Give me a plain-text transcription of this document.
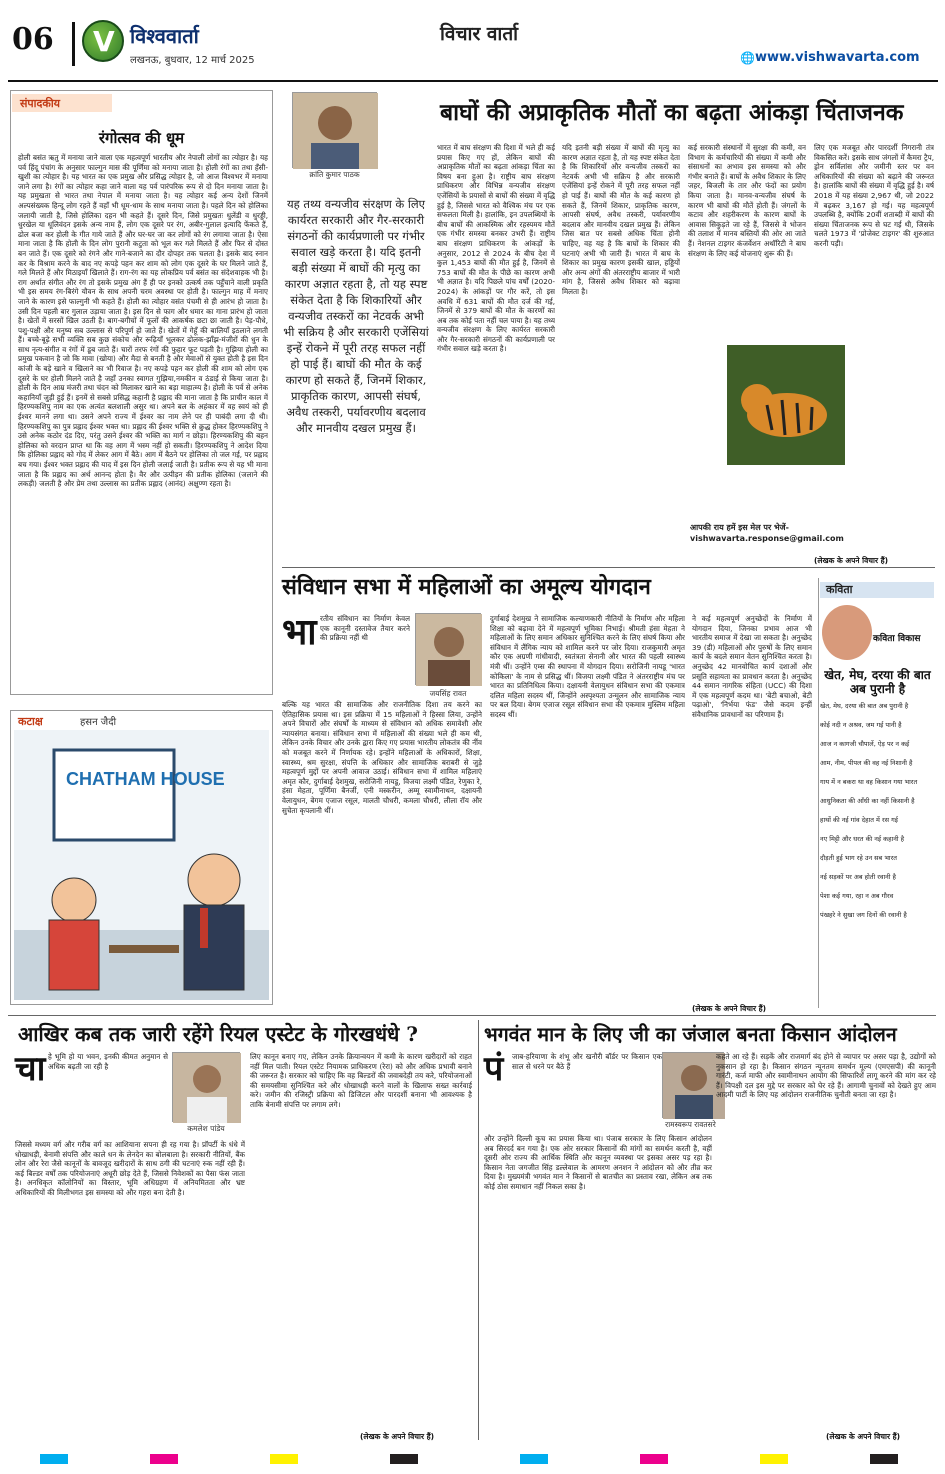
06 V विश्ववार्ता
लखनऊ, बुधवार, 12 मार्च 2025
विचार वार्ता
🌐 www.vishwavarta.com
संपादकीय
रंगोत्सव की धूम
होली बसंत ऋतु में मनाया जाने वाला एक महत्वपूर्ण भारतीय और नेपाली लोगों का त्योहार है। यह पर्व हिंदू पंचांग के अनुसार फाल्गुन मास की पूर्णिमा को मनाया जाता है। होली रंगों का तथा हँसी-खुशी का त्योहार है। यह भारत का एक प्रमुख और प्रसिद्ध त्योहार है, जो आज विश्वभर में मनाया जाने लगा है। रंगों का त्योहार कहा जाने वाला यह पर्व पारंपरिक रूप से दो दिन मनाया जाता है। यह प्रमुखता से भारत तथा नेपाल में मनाया जाता है। यह त्योहार कई अन्य देशों जिनमें अल्पसंख्यक हिन्दू लोग रहते हैं वहाँ भी धूम-धाम के साथ मनाया जाता है। पहले दिन को होलिका जलायी जाती है, जिसे होलिका दहन भी कहते हैं। दूसरे दिन, जिसे प्रमुखतः धुलेंडी व धुरड्डी, धुरखेल या धूलिवंदन इसके अन्य नाम हैं, लोग एक दूसरे पर रंग, अबीर-गुलाल इत्यादि फेंकते हैं, ढोल बजा कर होली के गीत गाये जाते हैं और घर-घर जा कर लोगों को रंग लगाया जाता है। ऐसा माना जाता है कि होली के दिन लोग पुरानी कटुता को भूल कर गले मिलते हैं और फिर से दोस्त बन जाते हैं। एक दूसरे को रंगने और गाने-बजाने का दौर दोपहर तक चलता है। इसके बाद स्नान कर के विश्राम करने के बाद नए कपड़े पहन कर शाम को लोग एक दूसरे के घर मिलने जाते हैं, गले मिलते हैं और मिठाइयाँ खिलाते हैं। राग-रंग का यह लोकप्रिय पर्व बसंत का संदेशवाहक भी है। राग अर्थात संगीत और रंग तो इसके प्रमुख अंग हैं ही पर इनको उत्कर्ष तक पहुँचाने वाली प्रकृति भी इस समय रंग-बिरंगे यौवन के साथ अपनी चरम अवस्था पर होती है। फाल्गुन माह में मनाए जाने के कारण इसे फाल्गुनी भी कहते हैं। होली का त्योहार वसंत पंचमी से ही आरंभ हो जाता है। उसी दिन पहली बार गुलाल उड़ाया जाता है। इस दिन से फाग और धमार का गाना प्रारंभ हो जाता है। खेतों में सरसों खिल उठती है। बाग-बगीचों में फूलों की आकर्षक छटा छा जाती है। पेड़-पौधे, पशु-पक्षी और मनुष्य सब उल्लास से परिपूर्ण हो जाते हैं। खेतों में गेहूँ की बालियाँ इठलाने लगती हैं। बच्चे-बूढ़े सभी व्यक्ति सब कुछ संकोच और रूढ़ियाँ भूलकर ढोलक-झाँझ-मंजीरों की धुन के साथ नृत्य-संगीत व रंगों में डूब जाते हैं। चारों तरफ रंगों की फुहार फूट पड़ती है। गुझिया होली का प्रमुख पकवान है जो कि मावा (खोया) और मैदा से बनती है और मेवाओं से युक्त होती है इस दिन कांजी के बड़े खाने व खिलाने का भी रिवाज है। नए कपड़े पहन कर होली की शाम को लोग एक दूसरे के घर होली मिलने जाते है जहाँ उनका स्वागत गुझिया,नमकीन व ठंडाई से किया जाता है। होली के दिन आम्र मंजरी तथा चंदन को मिलाकर खाने का बड़ा माहात्म्य है। होली के पर्व से अनेक कहानियाँ जुड़ी हुई हैं। इनमें से सबसे प्रसिद्ध कहानी है प्रह्लाद की माना जाता है कि प्राचीन काल में हिरण्यकशिपु नाम का एक अत्यंत बलशाली असुर था। अपने बल के अहंकार में वह स्वयं को ही ईश्वर मानने लगा था। उसने अपने राज्य में ईश्वर का नाम लेने पर ही पाबंदी लगा दी थी। हिरण्यकशिपु का पुत्र प्रह्लाद ईश्वर भक्त था। प्रह्लाद की ईश्वर भक्ति से क्रुद्ध होकर हिरण्यकशिपु ने उसे अनेक कठोर दंड दिए, परंतु उसने ईश्वर की भक्ति का मार्ग न छोड़ा। हिरण्यकशिपु की बहन होलिका को वरदान प्राप्त था कि वह आग में भस्म नहीं हो सकती। हिरण्यकशिपु ने आदेश दिया कि होलिका प्रह्लाद को गोद में लेकर आग में बैठे। आग में बैठने पर होलिका तो जल गई, पर प्रह्लाद बच गया। ईश्वर भक्त प्रह्लाद की याद में इस दिन होली जलाई जाती है। प्रतीक रूप से यह भी माना जाता है कि प्रह्लाद का अर्थ आनन्द होता है। वैर और उत्पीड़न की प्रतीक होलिका (जलाने की लकड़ी) जलती है और प्रेम तथा उल्लास का प्रतीक प्रह्लाद (आनंद) अक्षुण्ण रहता है।
कटाक्ष	हसन जैदी
CHATHAM HOUSE
बाघों की अप्राकृतिक मौतों का बढ़ता आंकड़ा चिंताजनक
क्रांति कुमार पाठक
यह तथ्य वन्यजीव संरक्षण के लिए कार्यरत सरकारी और गैर-सरकारी संगठनों की कार्यप्रणाली पर गंभीर सवाल खड़े करता है। यदि इतनी बड़ी संख्या में बाघों की मृत्यु का कारण अज्ञात रहता है, तो यह स्पष्ट संकेत देता है कि शिकारियों और वन्यजीव तस्करों का नेटवर्क अभी भी सक्रिय है और सरकारी एजेंसियां इन्हें रोकने में पूरी तरह सफल नहीं हो पाई हैं। बाघों की मौत के कई कारण हो सकते हैं, जिनमें शिकार, प्राकृतिक कारण, आपसी संघर्ष, अवैध तस्करी, पर्यावरणीय बदलाव और मानवीय दखल प्रमुख हैं।
भारत में बाघ संरक्षण की दिशा में भले ही कई प्रयास किए गए हों, लेकिन बाघों की अप्राकृतिक मौतों का बढ़ता आंकड़ा चिंता का विषय बना हुआ है। राष्ट्रीय बाघ संरक्षण प्राधिकरण और विभिन्न वन्यजीव संरक्षण एजेंसियों के प्रयासों से बाघों की संख्या में वृद्धि हुई है, जिससे भारत को वैश्विक मंच पर एक सफलता मिली है। हालांकि, इन उपलब्धियों के बीच बाघों की आकस्मिक और रहस्यमय मौतें एक गंभीर समस्या बनकर उभरी हैं। राष्ट्रीय बाघ संरक्षण प्राधिकरण के आंकड़ों के अनुसार, 2012 से 2024 के बीच देश में कुल 1,453 बाघों की मौत हुई है, जिनमें से 753 बाघों की मौत के पीछे का कारण अभी भी अज्ञात है। यदि पिछले पांच वर्षों (2020-2024) के आंकड़ों पर गौर करें, तो इस अवधि में 631 बाघों की मौत दर्ज की गई, जिनमें से 379 बाघों की मौत के कारणों का अब तक कोई पता नहीं चल पाया है। यह तथ्य वन्यजीव संरक्षण के लिए कार्यरत सरकारी और गैर-सरकारी संगठनों की कार्यप्रणाली पर गंभीर सवाल खड़े करता है।
यदि इतनी बड़ी संख्या में बाघों की मृत्यु का कारण अज्ञात रहता है, तो यह स्पष्ट संकेत देता है कि शिकारियों और वन्यजीव तस्करों का नेटवर्क अभी भी सक्रिय है और सरकारी एजेंसियां इन्हें रोकने में पूरी तरह सफल नहीं हो पाई हैं। बाघों की मौत के कई कारण हो सकते हैं, जिनमें शिकार, प्राकृतिक कारण, आपसी संघर्ष, अवैध तस्करी, पर्यावरणीय बदलाव और मानवीय दखल प्रमुख हैं। लेकिन जिस बात पर सबसे अधिक चिंता होनी चाहिए, वह यह है कि बाघों के शिकार की घटनाएं अभी भी जारी हैं। भारत में बाघ के शिकार का प्रमुख कारण इसकी खाल, हड्डियों और अन्य अंगों की अंतरराष्ट्रीय बाजार में भारी मांग है, जिससे अवैध शिकार को बढ़ावा मिलता है।
कई सरकारी संस्थानों में सुरक्षा की कमी, वन विभाग के कर्मचारियों की संख्या में कमी और संसाधनों का अभाव इस समस्या को और गंभीर बनाते हैं। बाघों के अवैध शिकार के लिए जहर, बिजली के तार और फंदों का प्रयोग किया जाता है। मानव-वन्यजीव संघर्ष के कारण भी बाघों की मौतें होती हैं। जंगलों के कटाव और शहरीकरण के कारण बाघों के आवास सिकुड़ते जा रहे हैं, जिससे वे भोजन की तलाश में मानव बस्तियों की ओर आ जाते हैं। नेशनल टाइगर कंजर्वेशन अथॉरिटी ने बाघ संरक्षण के लिए कई योजनाएं शुरू की हैं।
लिए एक मजबूत और पारदर्शी निगरानी तंत्र विकसित करें। इसके साथ जंगलों में कैमरा ट्रैप, ड्रोन सर्विलांस और जमीनी स्तर पर वन अधिकारियों की संख्या को बढ़ाने की जरूरत है। हालांकि बाघों की संख्या में वृद्धि हुई है। वर्ष 2018 में यह संख्या 2,967 थी, जो 2022 में बढ़कर 3,167 हो गई। यह महत्वपूर्ण उपलब्धि है, क्योंकि 20वीं शताब्दी में बाघों की संख्या चिंताजनक रूप से घट गई थी, जिसके चलते 1973 में 'प्रोजेक्ट टाइगर' की शुरुआत करनी पड़ी।
आपकी राय हमें इस मेल पर भेजें- vishwavarta.response@gmail.com
(लेखक के अपने विचार हैं)
संविधान सभा में महिलाओं का अमूल्य योगदान
भा रतीय संविधान का निर्माण केवल एक कानूनी दस्तावेज तैयार करने की प्रक्रिया नहीं थी
जयसिंह रावत
बल्कि यह भारत की सामाजिक और राजनीतिक दिशा तय करने का ऐतिहासिक प्रयास था। इस प्रक्रिया में 15 महिलाओं ने हिस्सा लिया, उन्होंने अपने विचारों और संघर्षों के माध्यम से संविधान को अधिक समावेशी और न्यायसंगत बनाया। संविधान सभा में महिलाओं की संख्या भले ही कम थी, लेकिन उनके विचार और उनके द्वारा किए गए प्रयास भारतीय लोकतंत्र की नींव को मजबूत करने में निर्णायक रहे। इन्होंने महिलाओं के अधिकारों, शिक्षा, स्वास्थ्य, श्रम सुरक्षा, संपत्ति के अधिकार और सामाजिक बराबरी से जुड़े महत्वपूर्ण मुद्दों पर अपनी आवाज उठाई। संविधान सभा में शामिल महिलाएं अमृत कौर, दुर्गाबाई देशमुख, सरोजिनी नायडू, विजया लक्ष्मी पंडित, रेणुका रे, हंसा मेहता, पूर्णिमा बैनर्जी, एनी मस्करीन, अम्मू स्वामीनाथन, दक्षायनी वेलायुधन, बेगम एजाज रसूल, मालती चौधरी, कमला चौधरी, लीला रॉय और सुचेता कृपलानी थीं।
दुर्गाबाई देशमुख ने सामाजिक कल्याणकारी नीतियों के निर्माण और महिला शिक्षा को बढ़ावा देने में महत्वपूर्ण भूमिका निभाई। श्रीमती हंसा मेहता ने महिलाओं के लिए समान अधिकार सुनिश्चित करने के लिए संघर्ष किया और संविधान में लैंगिक न्याय को शामिल करने पर जोर दिया। राजकुमारी अमृत कौर एक अग्रणी गांधीवादी, स्वतंत्रता सेनानी और भारत की पहली स्वास्थ्य मंत्री थीं। उन्होंने एम्स की स्थापना में योगदान दिया। सरोजिनी नायडू 'भारत कोकिला' के नाम से प्रसिद्ध थीं। विजया लक्ष्मी पंडित ने अंतरराष्ट्रीय मंच पर भारत का प्रतिनिधित्व किया। दक्षायनी वेलायुधन संविधान सभा की एकमात्र दलित महिला सदस्य थीं, जिन्होंने अस्पृश्यता उन्मूलन और सामाजिक न्याय पर बल दिया। बेगम एजाज रसूल संविधान सभा की एकमात्र मुस्लिम महिला सदस्य थीं।
ने कई महत्वपूर्ण अनुच्छेदों के निर्माण में योगदान दिया, जिनका प्रभाव आज भी भारतीय समाज में देखा जा सकता है। अनुच्छेद 39 (डी) महिलाओं और पुरुषों के लिए समान कार्य के बदले समान वेतन सुनिश्चित करता है। अनुच्छेद 42 मानवोचित कार्य दशाओं और प्रसूति सहायता का प्रावधान करता है। अनुच्छेद 44 समान नागरिक संहिता (UCC) की दिशा में एक महत्वपूर्ण कदम था। 'बेटी बचाओ, बेटी पढ़ाओ', 'निर्भया फंड' जैसे कदम इन्हीं संवैधानिक प्रावधानों का परिणाम हैं।
(लेखक के अपने विचार हैं)
कविता
कविता विकास
खेत, मेघ, दरया की बात अब पुरानी है
खेत, मेघ, दरया की बात अब पुरानी है
कोई नदी न अश्रव, जम गई पानी है
आज न कागजी चौपालें, ऐड़ पर न कई
आम, नीम, पीपल की वह नई निशानी है
गाय में न बकरा था वह किसान गया भारत
आधुनिकता की आँधी का नहीं किसानी है
हाथों की नई गांव देहात में रस गई
नए मिट्टी और धरत की नई कहानी है
दौड़ती हुई भाग रहे उन सब भारत
नई सड़कों पर अब होती रवानी है
पेशा कई गया, रहा न अब गौरव
पंखहरे ने सुखा जग दिनों की रवानी है
आखिर कब तक जारी रहेंगे रियल एस्टेट के गोरखधंधे ?
चा हे भूमि हो या भवन, इनकी कीमत अनुमान से अधिक बढ़ती जा रही है
कमलेश पांडेय
जिससे मध्यम वर्ग और गरीब वर्ग का आशियाना सपना ही रह गया है। प्रॉपर्टी के धंधे में धोखाधड़ी, बेनामी संपत्ति और काले धन के लेनदेन का बोलबाला है। सरकारी नीतियों, बैंक लोन और रेरा जैसे कानूनों के बावजूद खरीदारों के साथ ठगी की घटनाएं रुक नहीं रही हैं। कई बिल्डर वर्षों तक परियोजनाएं अधूरी छोड़ देते हैं, जिससे निवेशकों का पैसा फंस जाता है। अनधिकृत कॉलोनियों का विस्तार, भूमि अधिग्रहण में अनियमितता और भ्रष्ट अधिकारियों की मिलीभगत इस समस्या को और गहरा बना देती है।
लिए कानून बनाए गए, लेकिन उनके क्रियान्वयन में कमी के कारण खरीदारों को राहत नहीं मिल पाती। रियल एस्टेट नियामक प्राधिकरण (रेरा) को और अधिक प्रभावी बनाने की जरूरत है। सरकार को चाहिए कि वह बिल्डरों की जवाबदेही तय करे, परियोजनाओं की समयसीमा सुनिश्चित करे और धोखाधड़ी करने वालों के खिलाफ सख्त कार्रवाई करे। जमीन की रजिस्ट्री प्रक्रिया को डिजिटल और पारदर्शी बनाना भी आवश्यक है ताकि बेनामी संपत्ति पर लगाम लगे।
(लेखक के अपने विचार हैं)
भगवंत मान के लिए जी का जंजाल बनता किसान आंदोलन
पं जाब-हरियाणा के शंभू और खनौरी बॉर्डर पर किसान एक साल से धरने पर बैठे हैं
रामस्वरूप रावतसरे
और उन्होंने दिल्ली कूच का प्रयास किया था। पंजाब सरकार के लिए किसान आंदोलन अब सिरदर्द बन गया है। एक ओर सरकार किसानों की मांगों का समर्थन करती है, वहीं दूसरी ओर राज्य की आर्थिक स्थिति और कानून व्यवस्था पर इसका असर पड़ रहा है। किसान नेता जगजीत सिंह डल्लेवाल के आमरण अनशन ने आंदोलन को और तीव्र कर दिया है। मुख्यमंत्री भगवंत मान ने किसानों से बातचीत का प्रस्ताव रखा, लेकिन अब तक कोई ठोस समाधान नहीं निकल सका है।
कहते आ रहे हैं। सड़कें और राजमार्ग बंद होने से व्यापार पर असर पड़ा है, उद्योगों को नुकसान हो रहा है। किसान संगठन न्यूनतम समर्थन मूल्य (एमएसपी) की कानूनी गारंटी, कर्ज माफी और स्वामीनाथन आयोग की सिफारिशें लागू करने की मांग कर रहे हैं। विपक्षी दल इस मुद्दे पर सरकार को घेर रहे हैं। आगामी चुनावों को देखते हुए आम आदमी पार्टी के लिए यह आंदोलन राजनीतिक चुनौती बनता जा रहा है।
(लेखक के अपने विचार हैं)
